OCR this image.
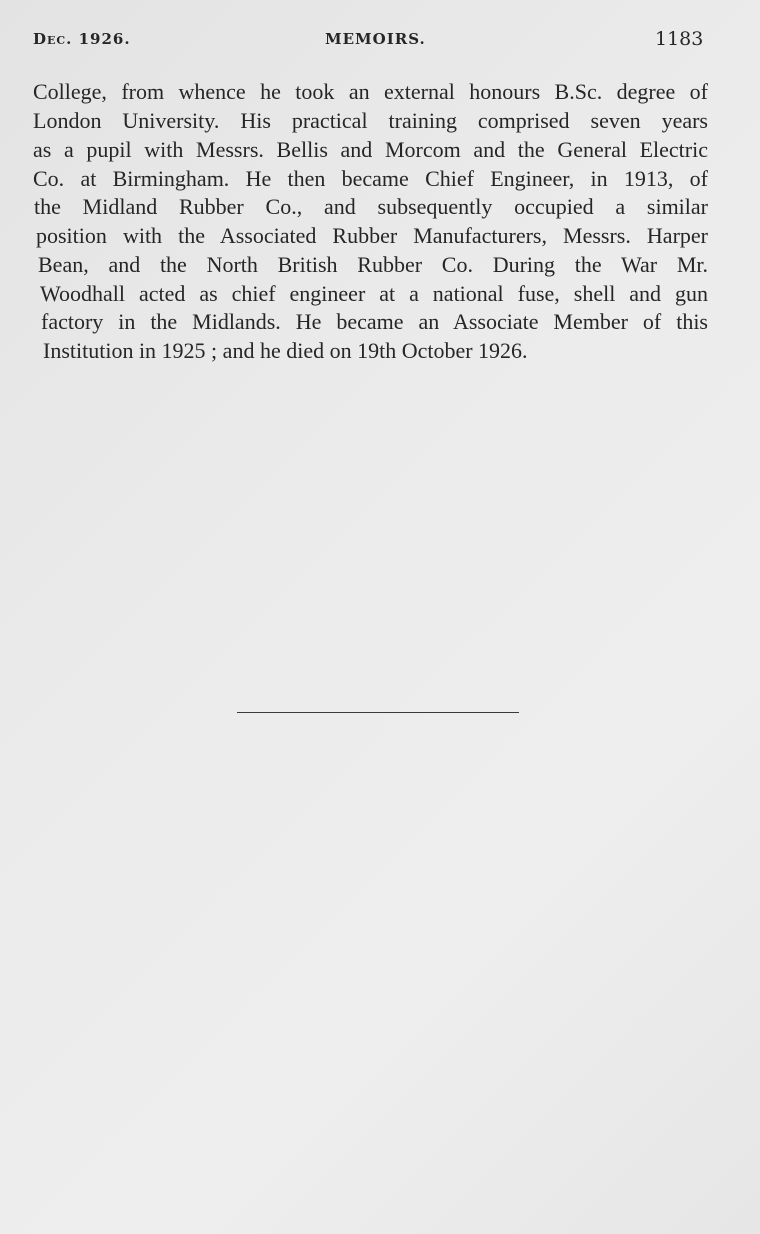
Dec. 1926.	MEMOIRS.	1183
College, from whence he took an external honours B.Sc. degree of
London University. His practical training comprised seven years
as a pupil with Messrs. Bellis and Morcom and the General Electric
Co. at Birmingham. He then became Chief Engineer, in 1913, of
the Midland Rubber Co., and subsequently occupied a similar
position with the Associated Rubber Manufacturers, Messrs. Harper
Bean, and the North British Rubber Co. During the War Mr.
Woodhall acted as chief engineer at a national fuse, shell and gun
factory in the Midlands. He became an Associate Member of this
Institution in 1925 ; and he died on 19th October 1926.
